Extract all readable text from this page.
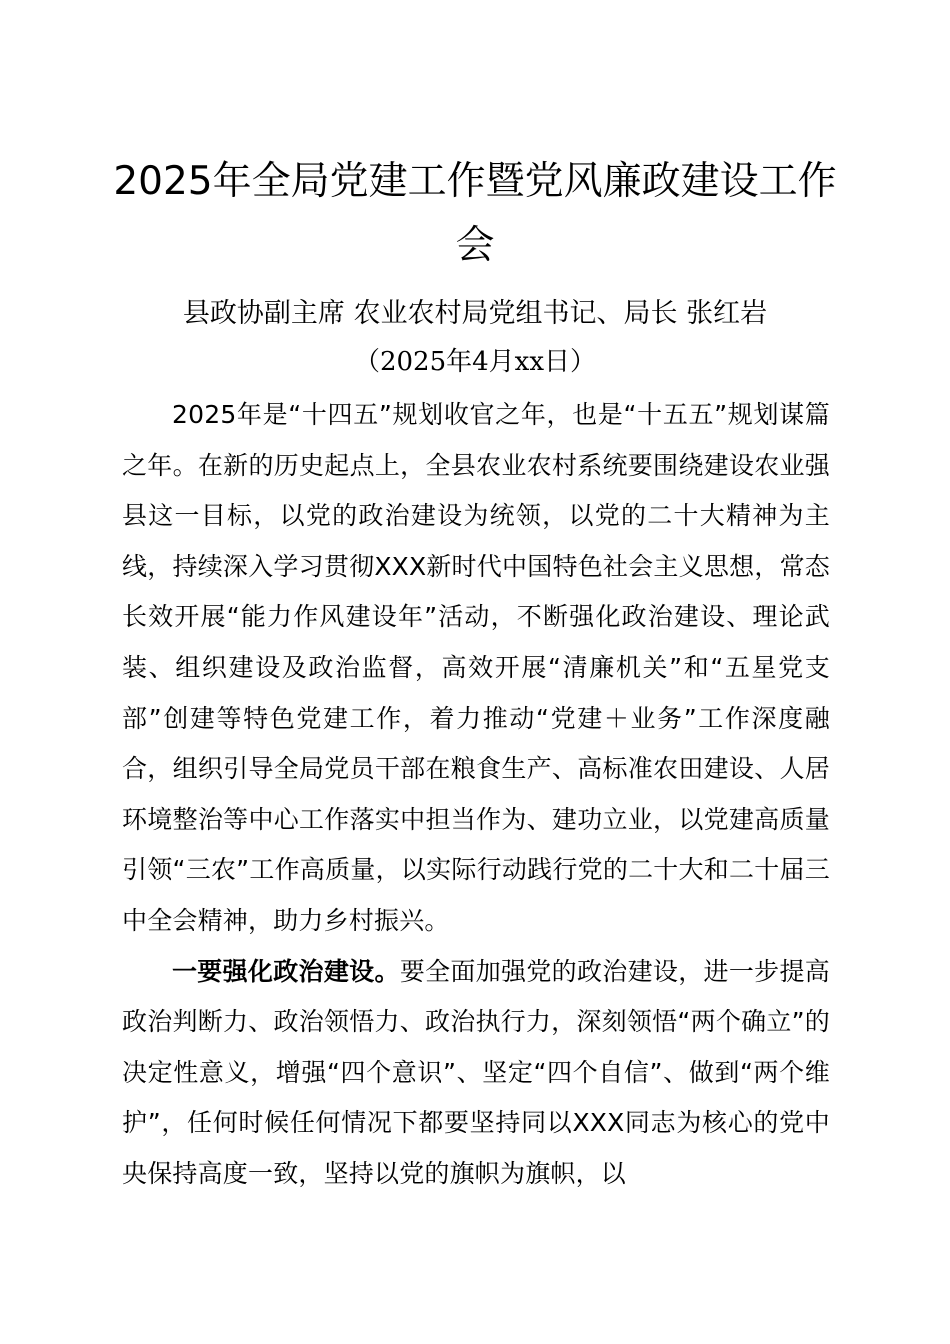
2025年全局党建工作暨党风廉政建设工作会
县政协副主席 农业农村局党组书记、局长 张红岩
（2025年4月xx日）

2025年是“十四五”规划收官之年，也是“十五五”规划谋篇之年。在新的历史起点上，全县农业农村系统要围绕建设农业强县这一目标，以党的政治建设为统领，以党的二十大精神为主线，持续深入学习贯彻XXX新时代中国特色社会主义思想，常态长效开展“能力作风建设年”活动，不断强化政治建设、理论武装、组织建设及政治监督，高效开展“清廉机关”和“五星党支部”创建等特色党建工作，着力推动“党建＋业务”工作深度融合，组织引导全局党员干部在粮食生产、高标准农田建设、人居环境整治等中心工作落实中担当作为、建功立业，以党建高质量引领“三农”工作高质量，以实际行动践行党的二十大和二十届三中全会精神，助力乡村振兴。

一要强化政治建设。要全面加强党的政治建设，进一步提高政治判断力、政治领悟力、政治执行力，深刻领悟“两个确立”的决定性意义，增强“四个意识”、坚定“四个自信”、做到“两个维护”，任何时候任何情况下都要坚持同以XXX同志为核心的党中央保持高度一致，坚持以党的旗帜为旗帜，以
